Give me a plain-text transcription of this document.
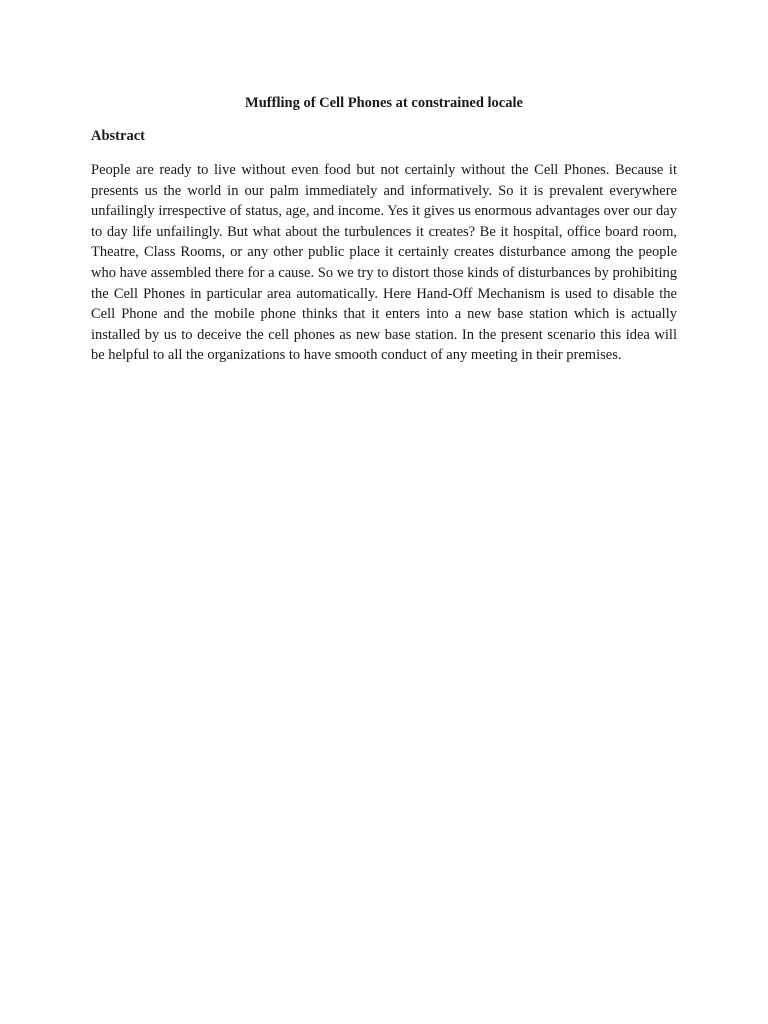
Muffling of Cell Phones at constrained locale
Abstract

People are ready to live without even food but not certainly without the Cell Phones. Because it presents us the world in our palm immediately and informatively. So it is prevalent everywhere unfailingly irrespective of status, age, and income. Yes it gives us enormous advantages over our day to day life unfailingly. But what about the turbulences it creates? Be it hospital, office board room, Theatre, Class Rooms, or any other public place it certainly creates disturbance among the people who have assembled there for a cause. So we try to distort those kinds of disturbances by prohibiting the Cell Phones in particular area automatically. Here Hand-Off Mechanism is used to disable the Cell Phone and the mobile phone thinks that it enters into a new base station which is actually installed by us to deceive the cell phones as new base station. In the present scenario this idea will be helpful to all the organizations to have smooth conduct of any meeting in their premises.
